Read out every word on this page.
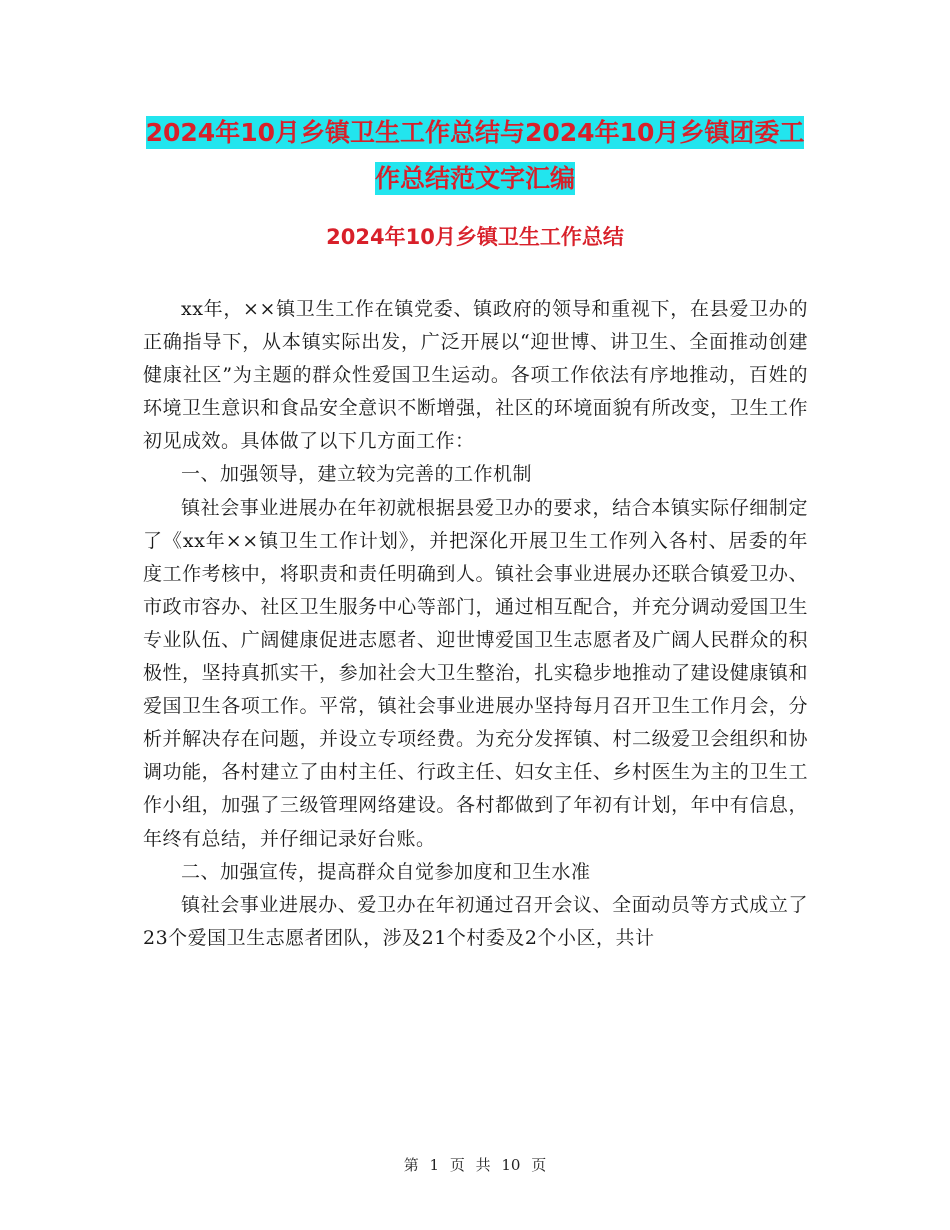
2024年10月乡镇卫生工作总结与2024年10月乡镇团委工作总结范文字汇编
2024年10月乡镇卫生工作总结

xx年，××镇卫生工作在镇党委、镇政府的领导和重视下，在县爱卫办的正确指导下，从本镇实际出发，广泛开展以“迎世博、讲卫生、全面推动创建健康社区”为主题的群众性爱国卫生运动。各项工作依法有序地推动，百姓的环境卫生意识和食品安全意识不断增强，社区的环境面貌有所改变，卫生工作初见成效。具体做了以下几方面工作：

一、加强领导，建立较为完善的工作机制

镇社会事业进展办在年初就根据县爱卫办的要求，结合本镇实际仔细制定了《xx年××镇卫生工作计划》，并把深化开展卫生工作列入各村、居委的年度工作考核中，将职责和责任明确到人。镇社会事业进展办还联合镇爱卫办、市政市容办、社区卫生服务中心等部门，通过相互配合，并充分调动爱国卫生专业队伍、广阔健康促进志愿者、迎世博爱国卫生志愿者及广阔人民群众的积极性，坚持真抓实干，参加社会大卫生整治，扎实稳步地推动了建设健康镇和爱国卫生各项工作。平常，镇社会事业进展办坚持每月召开卫生工作月会，分析并解决存在问题，并设立专项经费。为充分发挥镇、村二级爱卫会组织和协调功能，各村建立了由村主任、行政主任、妇女主任、乡村医生为主的卫生工作小组，加强了三级管理网络建设。各村都做到了年初有计划，年中有信息，年终有总结，并仔细记录好台账。

二、加强宣传，提高群众自觉参加度和卫生水准

镇社会事业进展办、爱卫办在年初通过召开会议、全面动员等方式成立了23个爱国卫生志愿者团队，涉及21个村委及2个小区，共计

第 1 页 共 10 页
